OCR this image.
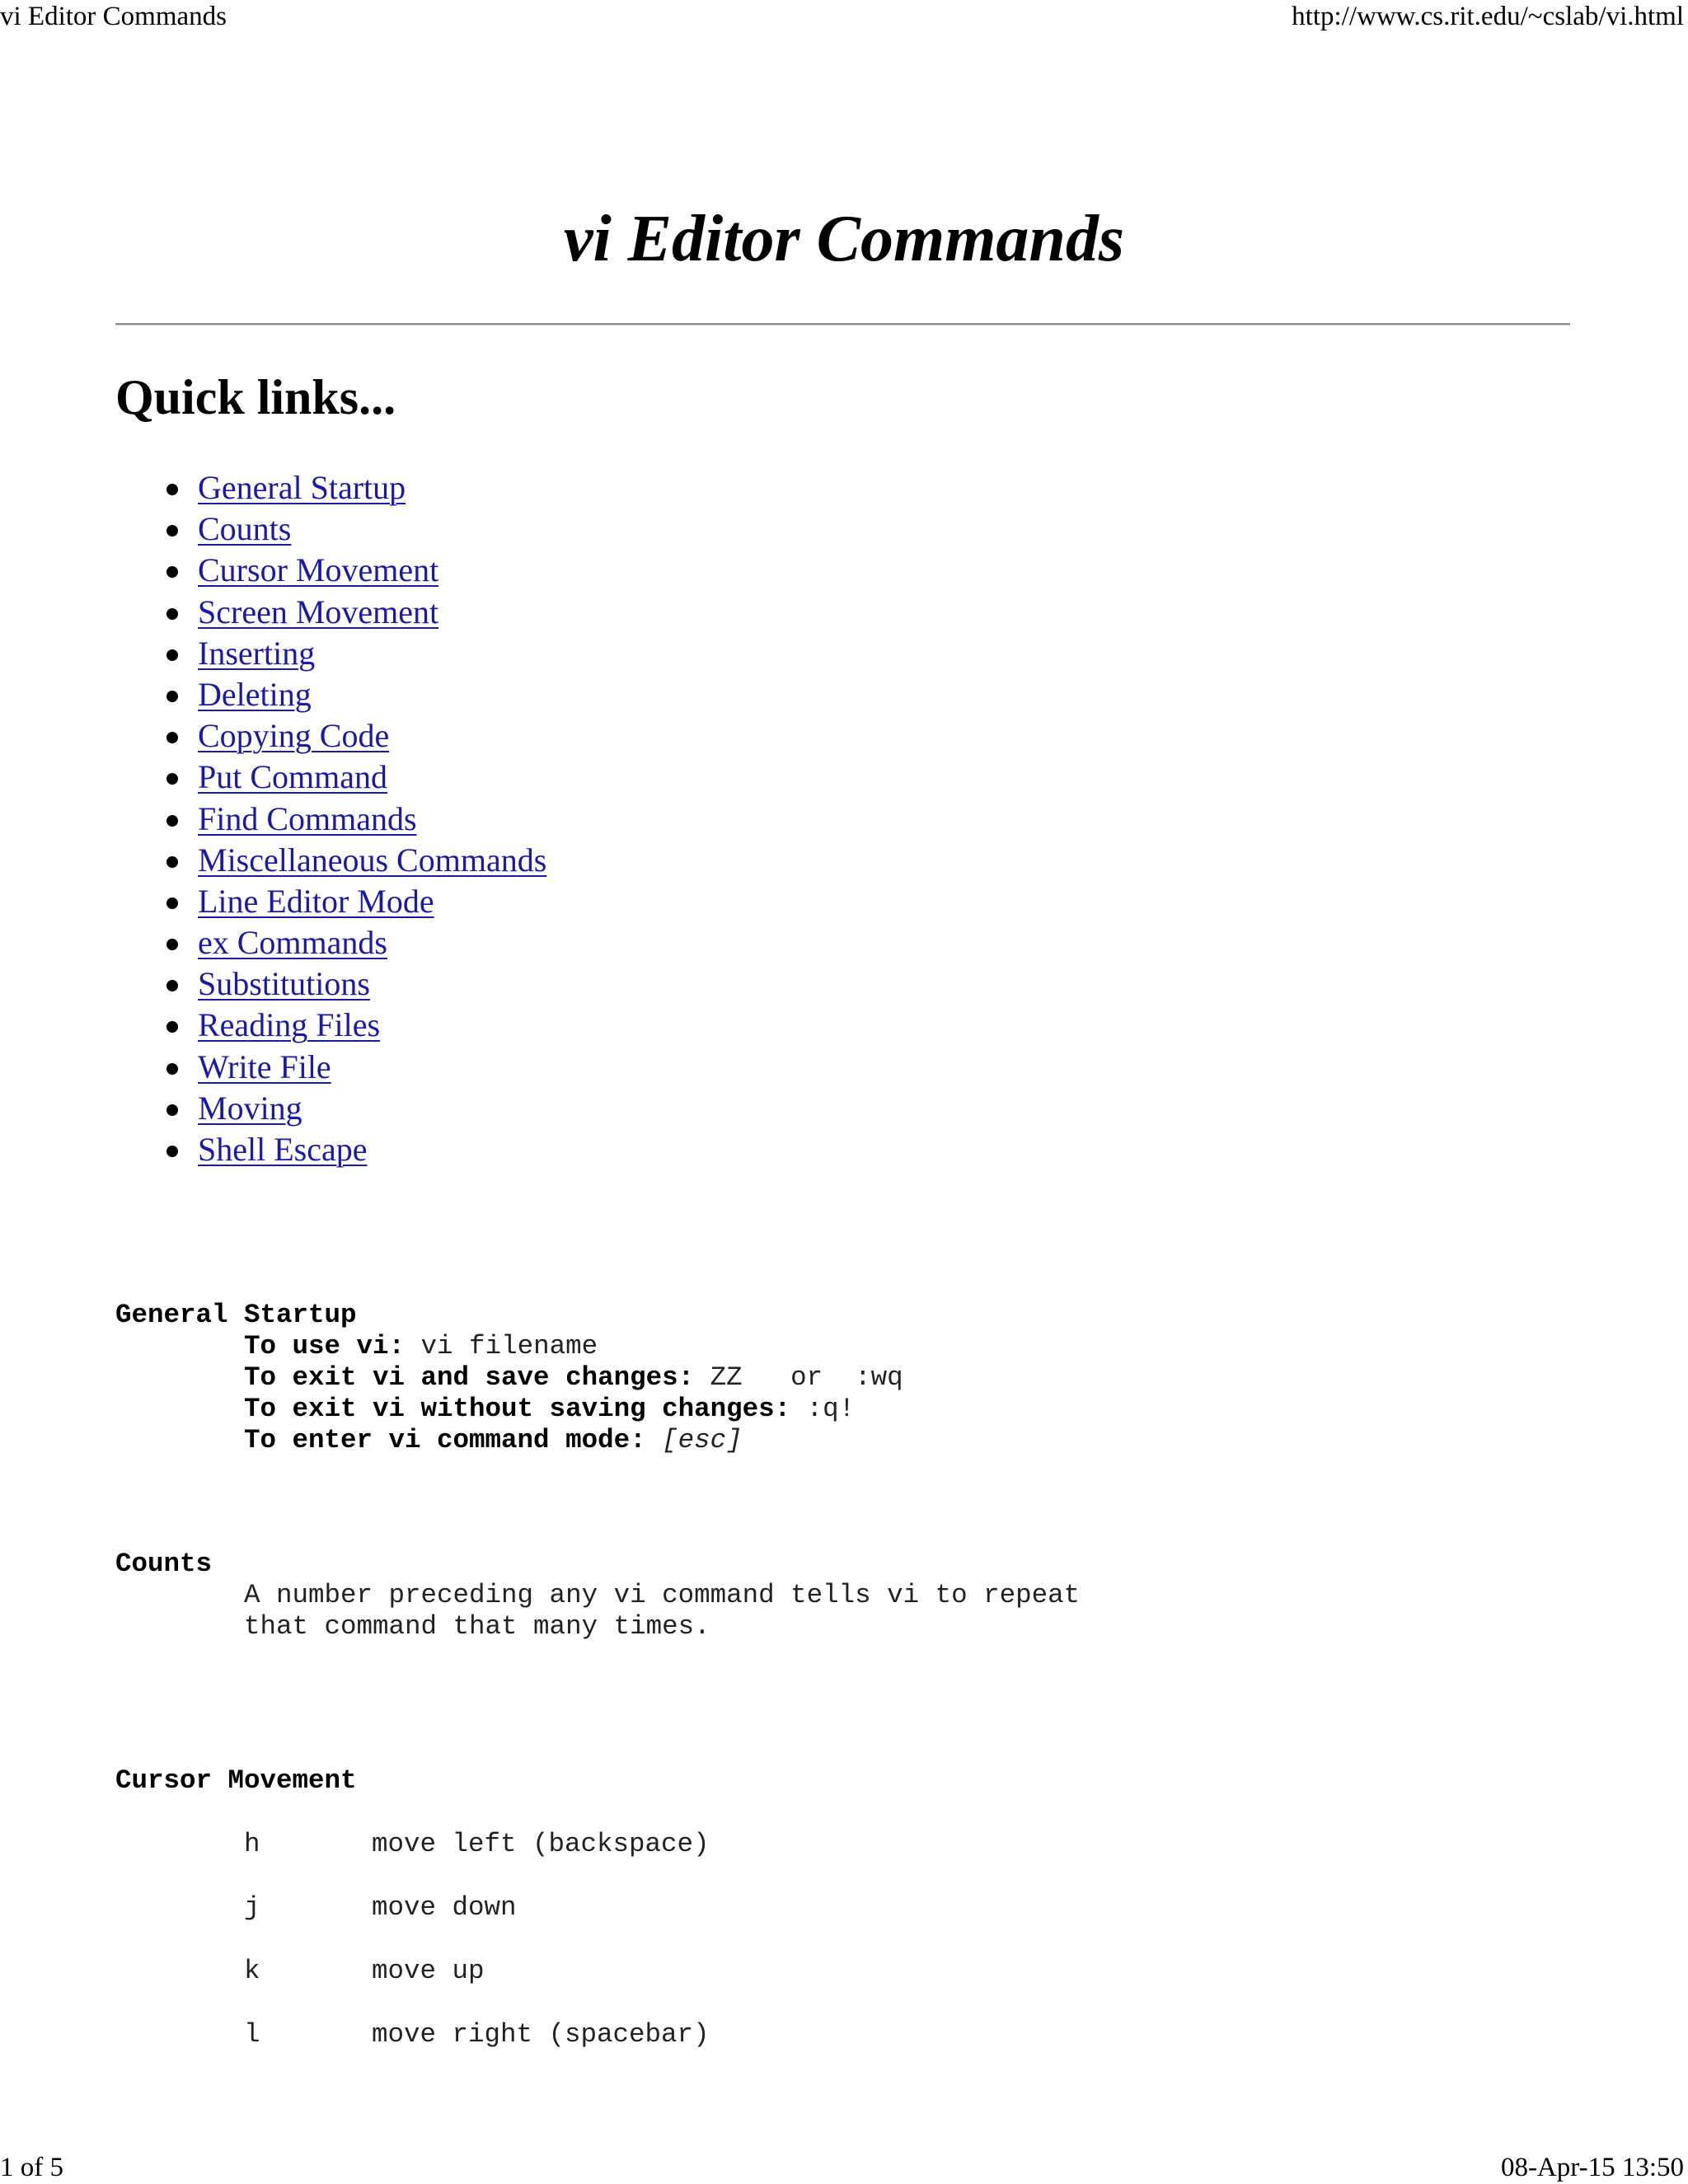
vi Editor Commands	http://www.cs.rit.edu/~cslab/vi.html
vi Editor Commands
Quick links...
General Startup
Counts
Cursor Movement
Screen Movement
Inserting
Deleting
Copying Code
Put Command
Find Commands
Miscellaneous Commands
Line Editor Mode
ex Commands
Substitutions
Reading Files
Write File
Moving
Shell Escape
General Startup
To use vi: vi filename
To exit vi and save changes: ZZ   or  :wq
To exit vi without saving changes: :q!
To enter vi command mode: [esc]
Counts
A number preceding any vi command tells vi to repeat
that command that many times.
Cursor Movement
h	move left (backspace)
j	move down
k	move up
l	move right (spacebar)
1 of 5	08-Apr-15 13:50
